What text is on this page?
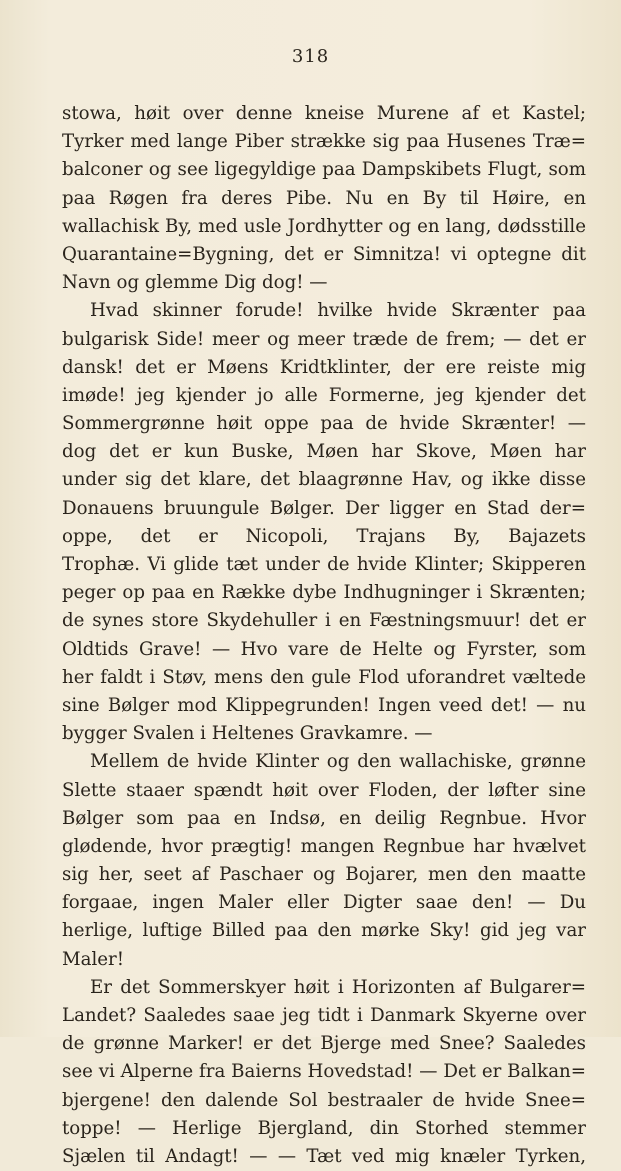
318
stowa, høit over denne kneise Murene af et Kastel;
Tyrker med lange Piber strække sig paa Husenes Træ=
balconer og see ligegyldige paa Dampskibets Flugt, som
paa Røgen fra deres Pibe. Nu en By til Høire, en
wallachisk By, med usle Jordhytter og en lang, dødsstille
Quarantaine=Bygning, det er Simnitza! vi optegne dit
Navn og glemme Dig dog! —
Hvad skinner forude! hvilke hvide Skrænter paa
bulgarisk Side! meer og meer træde de frem; — det er
dansk! det er Møens Kridtklinter, der ere reiste mig
imøde! jeg kjender jo alle Formerne, jeg kjender det
Sommergrønne høit oppe paa de hvide Skrænter! —
dog det er kun Buske, Møen har Skove, Møen har
under sig det klare, det blaagrønne Hav, og ikke disse
Donauens bruungule Bølger. Der ligger en Stad der=
oppe, det er Nicopoli, Trajans By, Bajazets
Trophæ. Vi glide tæt under de hvide Klinter; Skipperen
peger op paa en Række dybe Indhugninger i Skrænten;
de synes store Skydehuller i en Fæstningsmuur! det er
Oldtids Grave! — Hvo vare de Helte og Fyrster, som
her faldt i Støv, mens den gule Flod uforandret væltede
sine Bølger mod Klippegrunden! Ingen veed det! — nu
bygger Svalen i Heltenes Gravkamre. —
Mellem de hvide Klinter og den wallachiske, grønne
Slette staaer spændt høit over Floden, der løfter sine
Bølger som paa en Indsø, en deilig Regnbue. Hvor
glødende, hvor prægtig! mangen Regnbue har hvælvet
sig her, seet af Paschaer og Bojarer, men den maatte
forgaae, ingen Maler eller Digter saae den! — Du
herlige, luftige Billed paa den mørke Sky! gid jeg var
Maler!
Er det Sommerskyer høit i Horizonten af Bulgarer=
Landet? Saaledes saae jeg tidt i Danmark Skyerne over
de grønne Marker! er det Bjerge med Snee? Saaledes
see vi Alperne fra Baierns Hovedstad! — Det er Balkan=
bjergene! den dalende Sol bestraaler de hvide Snee=
toppe! — Herlige Bjergland, din Storhed stemmer
Sjælen til Andagt! — — Tæt ved mig knæler Tyrken,
